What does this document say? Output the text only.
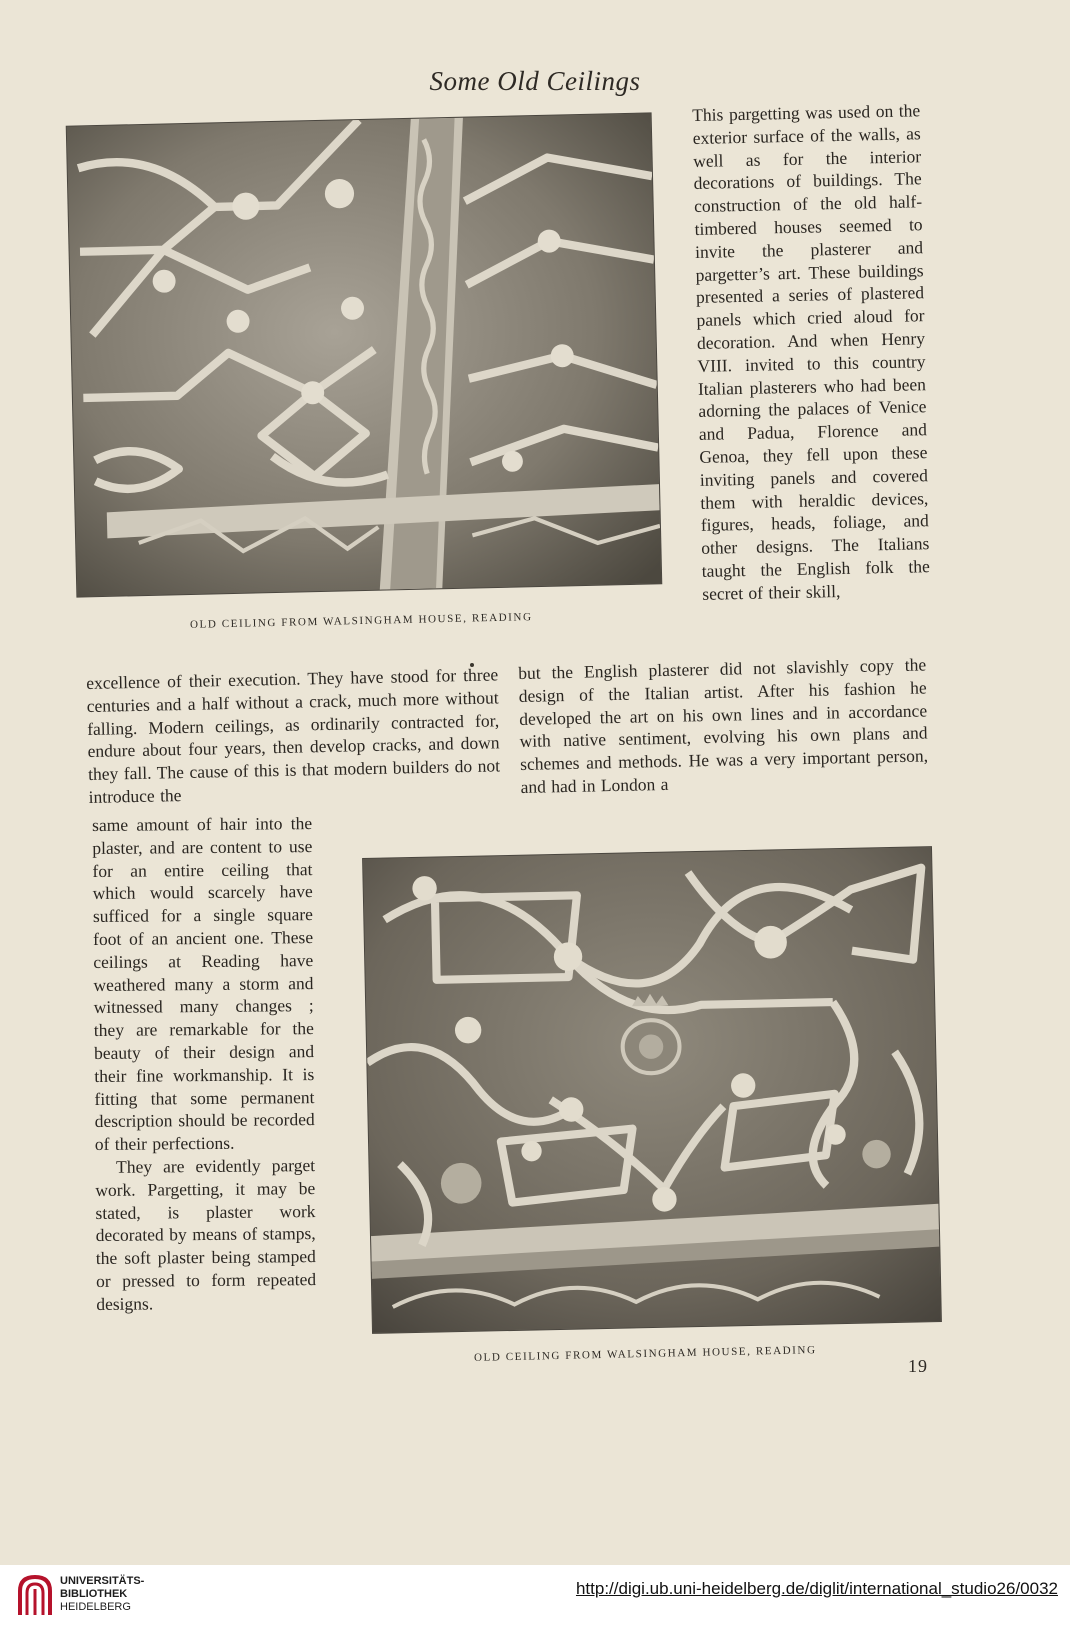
Some Old Ceilings

This pargetting was used on the exterior surface of the walls, as well as for the interior decorations of buildings. The construction of the old half-timbered houses seemed to invite the plasterer and pargetter’s art. These buildings presented a series of plastered panels which cried aloud for decoration. And when Henry VIII. invited to this country Italian plasterers who had been adorning the palaces of Venice and Padua, Florence and Genoa, they fell upon these inviting panels and covered them with heraldic devices, figures, heads, foliage, and other designs. The Italians taught the English folk the secret of their skill,

OLD CEILING FROM WALSINGHAM HOUSE, READING

excellence of their execution. They have stood for three centuries and a half without a crack, much more without falling. Modern ceilings, as ordinarily contracted for, endure about four years, then develop cracks, and down they fall. The cause of this is that modern builders do not introduce the

but the English plasterer did not slavishly copy the design of the Italian artist. After his fashion he developed the art on his own lines and in accordance with native sentiment, evolving his own plans and schemes and methods. He was a very important person, and had in London a

same amount of hair into the plaster, and are content to use for an entire ceiling that which would scarcely have sufficed for a single square foot of an ancient one. These ceilings at Reading have weathered many a storm and witnessed many changes ; they are remarkable for the beauty of their design and their fine workmanship. It is fitting that some permanent description should be recorded of their perfections.

They are evidently parget work. Pargetting, it may be stated, is plaster work decorated by means of stamps, the soft plaster being stamped or pressed to form repeated designs.

OLD CEILING FROM WALSINGHAM HOUSE, READING
19
UNIVERSITÄTS-
BIBLIOTHEK
HEIDELBERG
http://digi.ub.uni-heidelberg.de/diglit/international_studio26/0032
